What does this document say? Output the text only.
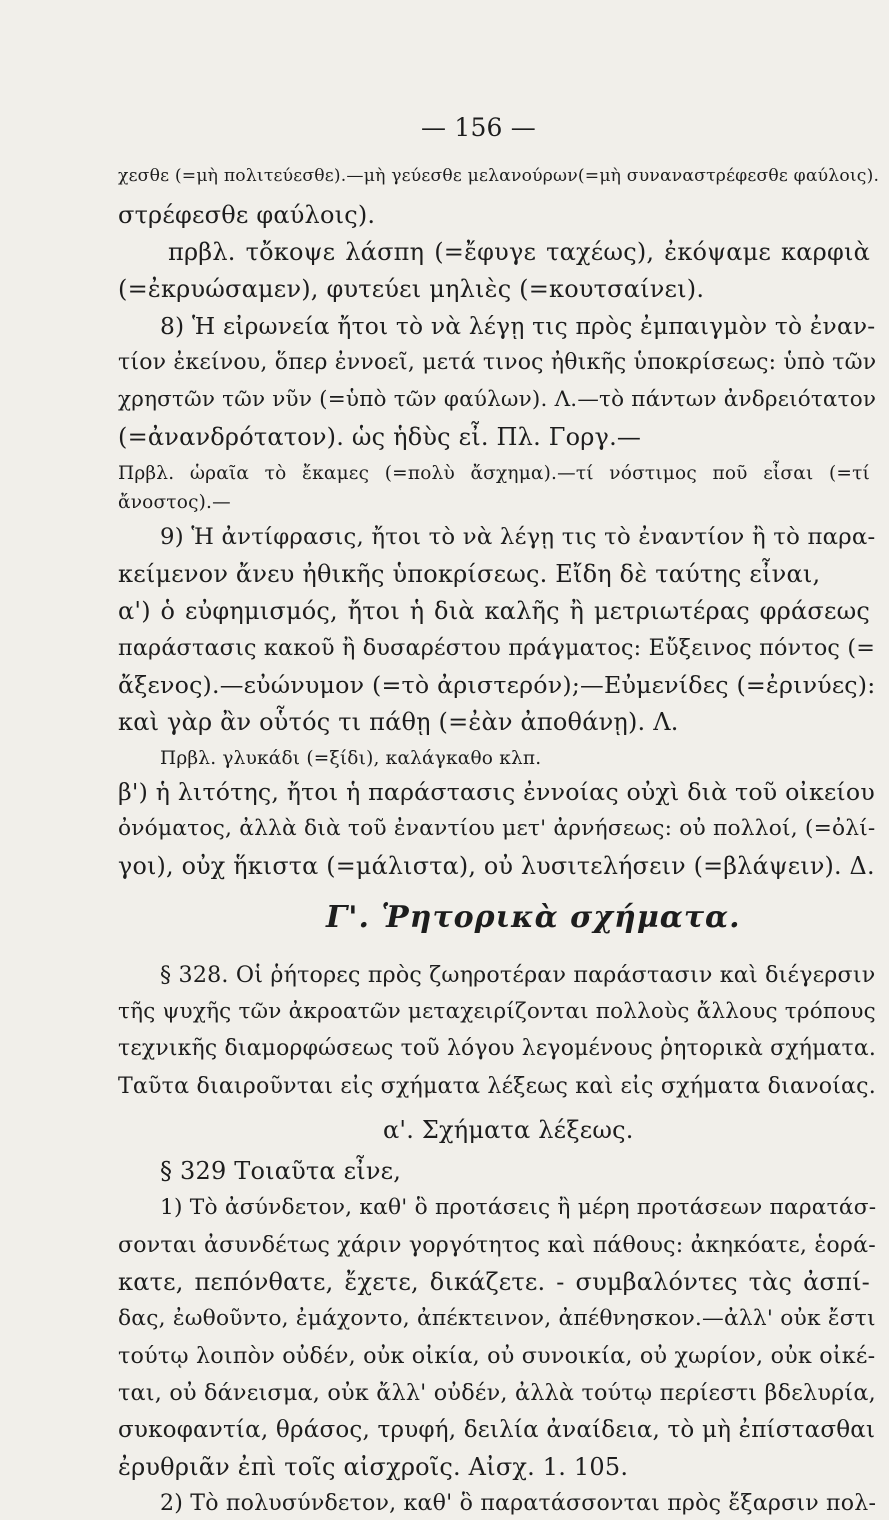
— 156 —
χεσθε (=μὴ πολιτεύεσθε).—μὴ γεύεσθε μελανούρων(=μὴ συναναστρέφεσθε φαύλοις).
στρέφεσθε φαύλοις).
πρβλ. τὄκοψε λάσπη (=ἔφυγε ταχέως), ἐκόψαμε καρφιὰ
(=ἐκρυώσαμεν), φυτεύει μηλιὲς (=κουτσαίνει).
8) Ἡ εἰρωνεία ἤτοι τὸ νὰ λέγῃ τις πρὸς ἐμπαιγμὸν τὸ ἐναν-
τίον ἐκείνου, ὅπερ ἐννοεῖ, μετά τινος ἠθικῆς ὑποκρίσεως: ὑπὸ τῶν
χρηστῶν τῶν νῦν (=ὑπὸ τῶν φαύλων). Λ.—τὸ πάντων ἀνδρειότατον
(=ἀνανδρότατον). ὡς ἡδὺς εἶ. Πλ. Γοργ.—
Πρβλ. ὡραῖα τὸ ἔκαμες (=πολὺ ἄσχημα).—τί νόστιμος ποῦ εἶσαι (=τί
ἄνοστος).—
9) Ἡ ἀντίφρασις, ἤτοι τὸ νὰ λέγῃ τις τὸ ἐναντίον ἢ τὸ παρα-
κείμενον ἄνευ ἠθικῆς ὑποκρίσεως. Εἴδη δὲ ταύτης εἶναι,
α') ὁ εὐφημισμός, ἤτοι ἡ διὰ καλῆς ἢ μετριωτέρας φράσεως
παράστασις κακοῦ ἢ δυσαρέστου πράγματος: Εὔξεινος πόντος (=
ἄξενος).—εὐώνυμον (=τὸ ἀριστερόν);—Εὐμενίδες (=ἐρινύες):
καὶ γὰρ ἂν οὗτός τι πάθῃ (=ἐὰν ἀποθάνῃ). Λ.
Πρβλ. γλυκάδι (=ξίδι), καλάγκαθο κλπ.
β') ἡ λιτότης, ἤτοι ἡ παράστασις ἐννοίας οὐχὶ διὰ τοῦ οἰκείου
ὀνόματος, ἀλλὰ διὰ τοῦ ἐναντίου μετ' ἀρνήσεως: οὐ πολλοί, (=ὀλί-
γοι), οὐχ ἥκιστα (=μάλιστα), οὐ λυσιτελήσειν (=βλάψειν). Δ.
Γ'. Ῥητορικὰ σχήματα.
§ 328. Οἱ ῥήτορες πρὸς ζωηροτέραν παράστασιν καὶ διέγερσιν
τῆς ψυχῆς τῶν ἀκροατῶν μεταχειρίζονται πολλοὺς ἄλλους τρόπους
τεχνικῆς διαμορφώσεως τοῦ λόγου λεγομένους ῥητορικὰ σχήματα.
Ταῦτα διαιροῦνται εἰς σχήματα λέξεως καὶ εἰς σχήματα διανοίας.
α'. Σχήματα λέξεως.
§ 329 Τοιαῦτα εἶνε,
1) Τὸ ἀσύνδετον, καθ' ὃ προτάσεις ἢ μέρη προτάσεων παρατάσ-
σονται ἀσυνδέτως χάριν γοργότητος καὶ πάθους: ἀκηκόατε, ἑορά-
κατε, πεπόνθατε, ἔχετε, δικάζετε. - συμβαλόντες τὰς ἀσπί-
δας, ἐωθοῦντο, ἐμάχοντο, ἀπέκτεινον, ἀπέθνησκον.—ἀλλ' οὐκ ἔστι
τούτῳ λοιπὸν οὐδέν, οὐκ οἰκία, οὐ συνοικία, οὐ χωρίον, οὐκ οἰκέ-
ται, οὐ δάνεισμα, οὐκ ἄλλ' οὐδέν, ἀλλὰ τούτῳ περίεστι βδελυρία,
συκοφαντία, θράσος, τρυφή, δειλία ἀναίδεια, τὸ μὴ ἐπίστασθαι
ἐρυθριᾶν ἐπὶ τοῖς αἰσχροῖς. Αἰσχ. 1. 105.
2) Τὸ πολυσύνδετον, καθ' ὃ παρατάσσονται πρὸς ἔξαρσιν πολ-
